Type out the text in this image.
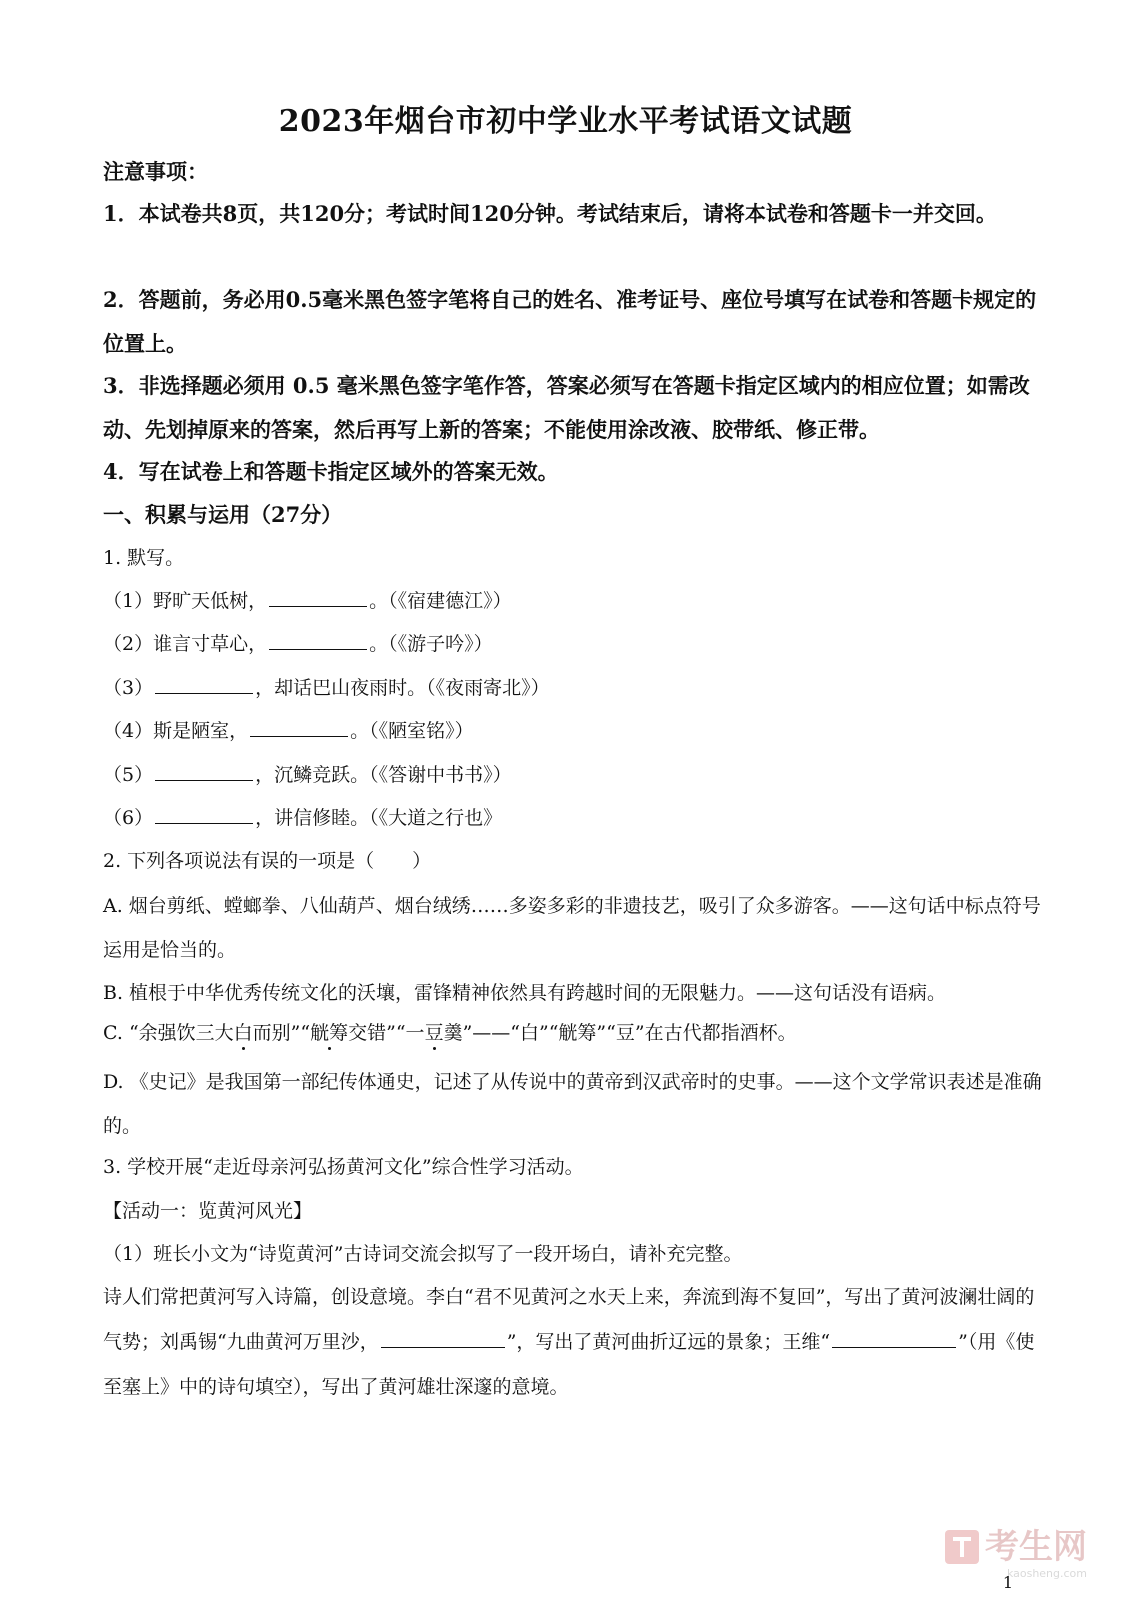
2023年烟台市初中学业水平考试语文试题
注意事项：
1．本试卷共8页，共120分；考试时间120分钟。考试结束后，请将本试卷和答题卡一并交回。
2．答题前，务必用0.5毫米黑色签字笔将自己的姓名、准考证号、座位号填写在试卷和答题卡规定的位置上。
3．非选择题必须用 0.5 毫米黑色签字笔作答，答案必须写在答题卡指定区域内的相应位置；如需改动、先划掉原来的答案，然后再写上新的答案；不能使用涂改液、胶带纸、修正带。
4．写在试卷上和答题卡指定区域外的答案无效。
一、积累与运用（27分）
1. 默写。
（1）野旷天低树，	。（《宿建德江》）
（2）谁言寸草心，	。（《游子吟》）
（3）	，却话巴山夜雨时。（《夜雨寄北》）
（4）斯是陋室，	。（《陋室铭》）
（5）	，沉鳞竞跃。（《答谢中书书》）
（6）	，讲信修睦。（《大道之行也》
2. 下列各项说法有误的一项是（　　）
A. 烟台剪纸、螳螂拳、八仙葫芦、烟台绒绣……多姿多彩的非遗技艺，吸引了众多游客。——这句话中标点符号运用是恰当的。
B. 植根于中华优秀传统文化的沃壤，雷锋精神依然具有跨越时间的无限魅力。——这句话没有语病。
C. “余强饮三大白而别”“觥筹交错”“一豆羹”——“白”“觥筹”“豆”在古代都指酒杯。
D. 《史记》是我国第一部纪传体通史，记述了从传说中的黄帝到汉武帝时的史事。——这个文学常识表述是准确的。
3. 学校开展“走近母亲河弘扬黄河文化”综合性学习活动。
【活动一：览黄河风光】
（1）班长小文为“诗览黄河”古诗词交流会拟写了一段开场白，请补充完整。
诗人们常把黄河写入诗篇，创设意境。李白“君不见黄河之水天上来，奔流到海不复回”，写出了黄河波澜壮阔的气势；刘禹锡“九曲黄河万里沙，	”，写出了黄河曲折辽远的景象；王维“	”（用《使至塞上》中的诗句填空），写出了黄河雄壮深邃的意境。
考生网
kaosheng.com
1
